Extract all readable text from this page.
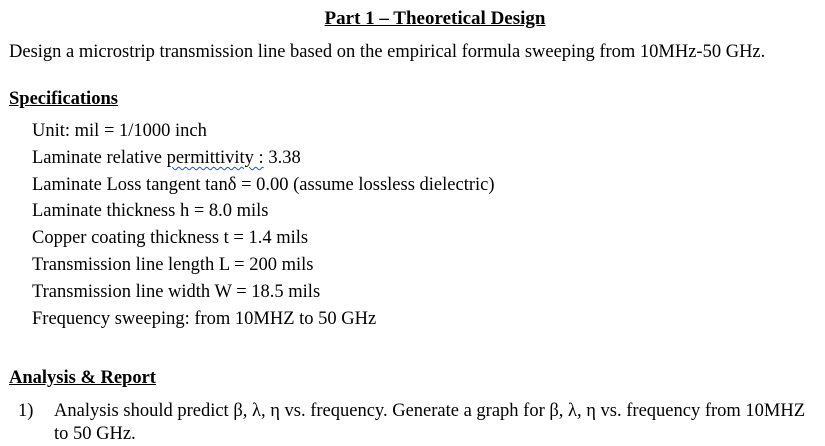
Part 1 – Theoretical Design
Design a microstrip transmission line based on the empirical formula sweeping from 10MHz-50 GHz.
Specifications
Unit: mil = 1/1000 inch
Laminate relative permittivity : 3.38
Laminate Loss tangent tanδ = 0.00 (assume lossless dielectric)
Laminate thickness h = 8.0 mils
Copper coating thickness t = 1.4 mils
Transmission line length L = 200 mils
Transmission line width W = 18.5 mils
Frequency sweeping: from 10MHZ to 50 GHz
Analysis & Report
1) Analysis should predict β, λ, η vs. frequency. Generate a graph for β, λ, η vs. frequency from 10MHZ to 50 GHz.
